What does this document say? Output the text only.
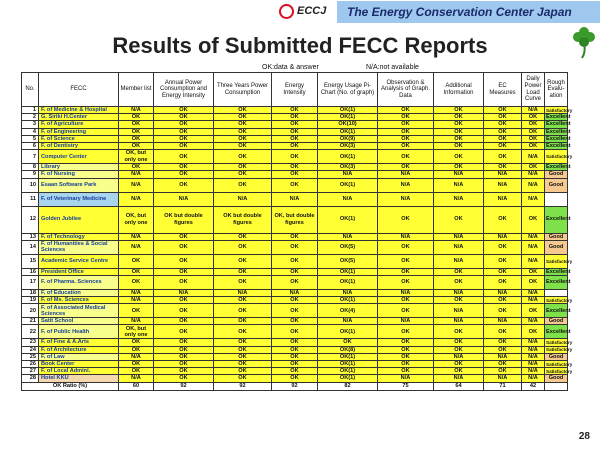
ECCJ The Energy Conservation Center Japan
Results of Submitted FECC Reports
OK:data & answer	N/A:not available
No.	FECC	Member list	Annual Power Consumption and Energy Intensity	Three Years Power Consumption	Energy Intensity	Energy Usage Pi-Chart (No. of graph)	Observation & Analysis of Graph. Data	Additional Information	EC Measures	Daily Power Load Curve	Rough Evalu- ation
1	F. of Medicine & Hospital	N/A	OK	OK	OK	OK(1)	OK	OK	OK	N/A	Satisfactory
2	G. Siriki H.Center	OK	OK	OK	OK	OK(1)	OK	OK	OK	OK	Excellent
3	F. of Agriculture	OK	OK	OK	OK	OK(10)	OK	OK	OK	OK	Excellent
4	F. of Engineering	OK	OK	OK	OK	OK(1)	OK	OK	OK	OK	Excellent
5	F. of Science	OK	OK	OK	OK	OK(9)	OK	OK	OK	OK	Excellent
6	F. of Dentistry	OK	OK	OK	OK	OK(3)	OK	OK	OK	OK	Excellent
7	Computer Center	OK, but only one	OK	OK	OK	OK(1)	OK	OK	OK	N/A	Satisfactory
8	Library	OK	OK	OK	OK	OK(3)	OK	OK	OK	OK	Excellent
9	F. of Nursing	N/A	OK	OK	OK	N/A	N/A	N/A	N/A	N/A	Good
10	Esaan Software Park	N/A	OK	OK	OK	OK(1)	N/A	N/A	N/A	N/A	Good
11	F. of Veterinary Medicine	N/A	N/A	N/A	N/A	N/A	N/A	N/A	N/A	N/A	
12	Golden Jubilee	OK, but only one	OK but double figures	OK but double figures	OK, but double figures	OK(1)	OK	OK	OK	OK	Excellent
13	F. of Technology	N/A	OK	OK	OK	N/A	N/A	N/A	N/A	N/A	Good
14	F. of Humanities & Social Sciences	N/A	OK	OK	OK	OK(5)	OK	N/A	OK	N/A	Good
15	Academic Service Centre	OK	OK	OK	OK	OK(5)	OK	N/A	OK	N/A	Satisfactory
16	President Office	OK	OK	OK	OK	OK(1)	OK	OK	OK	OK	Excellent
17	F. of Pharma. Sciences	OK	OK	OK	OK	OK(1)	OK	OK	OK	OK	Excellent
18	F. of Education	N/A	N/A	N/A	N/A	N/A	N/A	N/A	N/A	N/A	
19	F. of Ms. Sciences	N/A	OK	OK	OK	OK(1)	OK	OK	OK	N/A	Satisfactory
20	F. of Associated Medical Sciences	OK	OK	OK	OK	OK(4)	OK	N/A	OK	OK	Excellent
21	Satit School	N/A	OK	OK	OK	N/A	N/A	N/A	N/A	N/A	Good
22	F. of Public Health	OK, but only one	OK	OK	OK	OK(1)	OK	OK	OK	OK	Excellent
23	F. of Fine & A.Arts	OK	OK	OK	OK	OK	OK	OK	OK	N/A	Satisfactory
24	F. of Architecture	OK	OK	OK	OK	OK(8)	OK	OK	OK	N/A	Satisfactory
25	F. of Law	N/A	OK	OK	OK	OK(1)	OK	N/A	N/A	N/A	Good
26	Book Center	OK	OK	OK	OK	OK(1)	OK	OK	OK	N/A	Satisfactory
27	F. of Local Admini.	OK	OK	OK	OK	OK(1)	OK	OK	OK	N/A	Satisfactory
28	Hotel KKU	N/A	OK	OK	OK	OK(1)	N/A	N/A	N/A	N/A	Good
OK Ratio (%)		60	92	92	92	82	75	64	71	42	
28
